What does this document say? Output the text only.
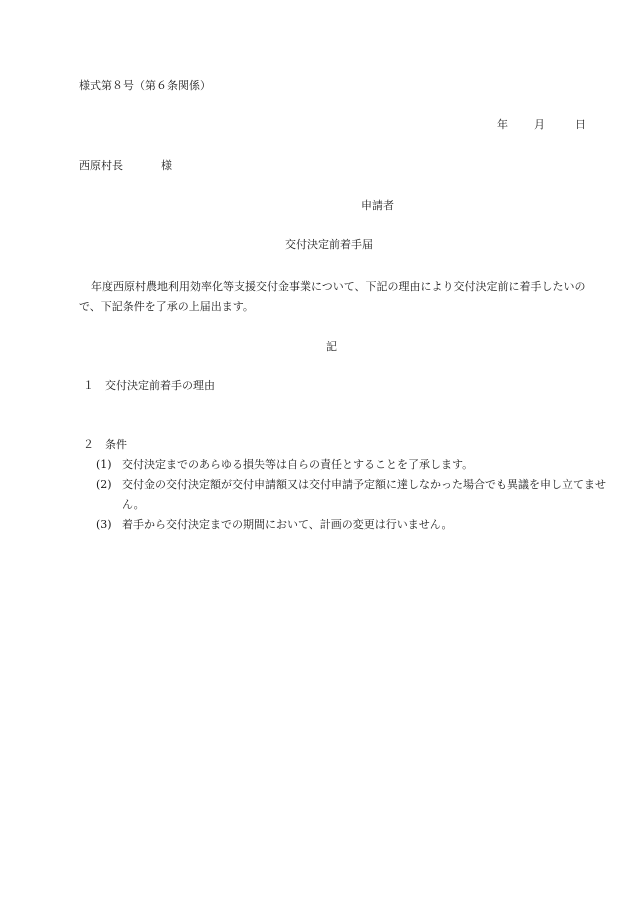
様式第８号（第６条関係）
年 月	日
西原村長	様
申請者
交付決定前着手届
年度西原村農地利用効率化等支援交付金事業について、下記の理由により交付決定前に着手したいので、下記条件を了承の上届出ます。
記
１ 交付決定前着手の理由
２ 条件
(1) 交付決定までのあらゆる損失等は自らの責任とすることを了承します。
(2) 交付金の交付決定額が交付申請額又は交付申請予定額に達しなかった場合でも異議を申し立てません。
(3) 着手から交付決定までの期間において、計画の変更は行いません。
